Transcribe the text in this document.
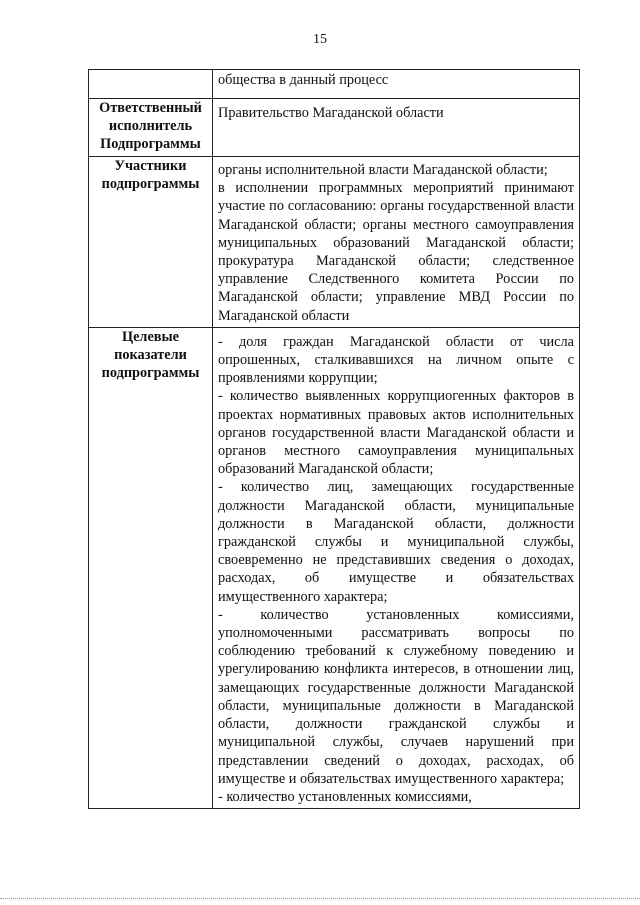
15

	общества в данный процесс

Ответственный исполнитель Подпрограммы	Правительство Магаданской области

Участники подпрограммы	органы исполнительной власти Магаданской области;

в исполнении программных мероприятий принимают участие по согласованию: органы государственной власти Магаданской области; органы местного самоуправления муниципальных образований Магаданской области; прокуратура Магаданской области; следственное управление Следственного комитета России по Магаданской области; управление МВД России по Магаданской области

Целевые показатели подпрограммы	- доля граждан Магаданской области от числа опрошенных, сталкивавшихся на личном опыте с проявлениями коррупции;

- количество выявленных коррупциогенных факторов в проектах нормативных правовых актов исполнительных органов государственной власти Магаданской области и органов местного самоуправления муниципальных образований Магаданской области;

- количество лиц, замещающих государственные должности Магаданской области, муниципальные должности в Магаданской области, должности гражданской службы и муниципальной службы, своевременно не представивших сведения о доходах, расходах, об имуществе и обязательствах имущественного характера;

- количество установленных комиссиями, уполномоченными рассматривать вопросы по соблюдению требований к служебному поведению и урегулированию конфликта интересов, в отношении лиц, замещающих государственные должности Магаданской области, муниципальные должности в Магаданской области, должности гражданской службы и муниципальной службы, случаев нарушений при представлении сведений о доходах, расходах, об имуществе и обязательствах имущественного характера;

- количество установленных комиссиями,
